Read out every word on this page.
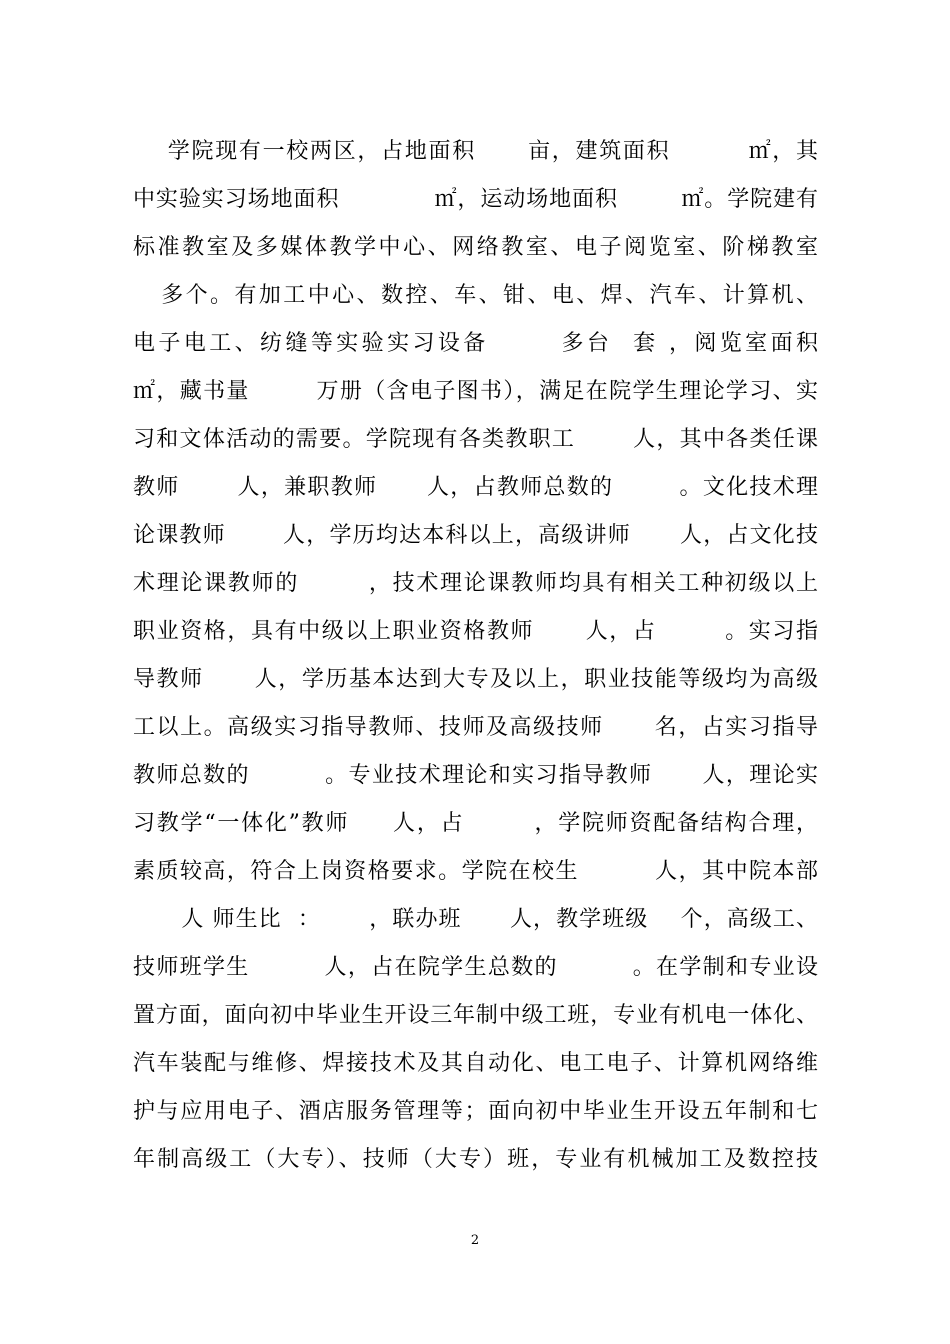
学院现有一校两区，占地面积      亩，建筑面积         ㎡，其
中实验实习场地面积            ㎡，运动场地面积        ㎡。学院建有
标准教室及多媒体教学中心、网络教室、电子阅览室、阶梯教室
多个。有加工中心、数控、车、钳、电、焊、汽车、计算机、
电子电工、纺缝等实验实习设备       多台  套 ，阅览室面积
㎡，藏书量        万册（含电子图书），满足在院学生理论学习、实
习和文体活动的需要。学院现有各类教职工       人，其中各类任课
教师       人，兼职教师      人，占教师总数的        。文化技术理
论课教师       人，学历均达本科以上，高级讲师      人，占文化技
术理论课教师的        ，技术理论课教师均具有相关工种初级以上
职业资格，具有中级以上职业资格教师      人，占        。实习指
导教师      人，学历基本达到大专及以上，职业技能等级均为高级
工以上。高级实习指导教师、技师及高级技师      名，占实习指导
教师总数的         。专业技术理论和实习指导教师      人，理论实
习教学“一体化”教师     人，占        ，学院师资配备结构合理，
素质较高，符合上岗资格要求。学院在校生         人，其中院本部
人 师生比  ：      ，联办班      人，教学班级    个，高级工、
技师班学生         人，占在院学生总数的         。在学制和专业设
置方面，面向初中毕业生开设三年制中级工班，专业有机电一体化、
汽车装配与维修、焊接技术及其自动化、电工电子、计算机网络维
护与应用电子、酒店服务管理等；面向初中毕业生开设五年制和七
年制高级工（大专）、技师（大专）班，专业有机械加工及数控技
2
